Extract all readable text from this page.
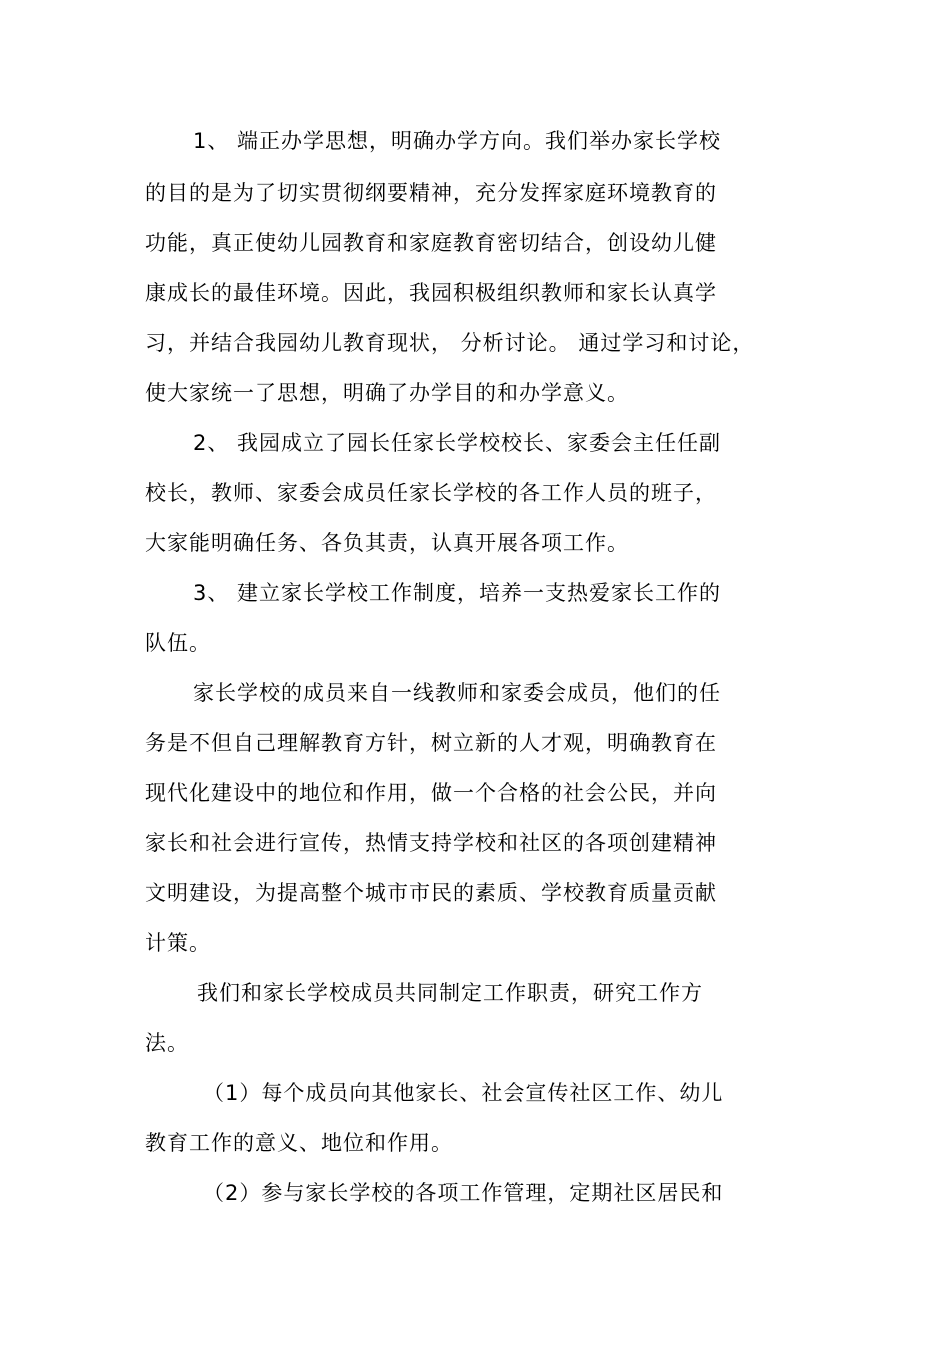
1、 端正办学思想，明确办学方向。我们举办家长学校
的目的是为了切实贯彻纲要精神，充分发挥家庭环境教育的
功能，真正使幼儿园教育和家庭教育密切结合，创设幼儿健
康成长的最佳环境。因此，我园积极组织教师和家长认真学
习，并结合我园幼儿教育现状， 分析讨论。 通过学习和讨论，
使大家统一了思想，明确了办学目的和办学意义。
2、 我园成立了园长任家长学校校长、家委会主任任副
校长，教师、家委会成员任家长学校的各工作人员的班子，
大家能明确任务、各负其责，认真开展各项工作。
3、 建立家长学校工作制度，培养一支热爱家长工作的
队伍。
家长学校的成员来自一线教师和家委会成员，他们的任
务是不但自己理解教育方针，树立新的人才观，明确教育在
现代化建设中的地位和作用，做一个合格的社会公民，并向
家长和社会进行宣传，热情支持学校和社区的各项创建精神
文明建设，为提高整个城市市民的素质、学校教育质量贡献
计策。
我们和家长学校成员共同制定工作职责，研究工作方
法。
（1）每个成员向其他家长、社会宣传社区工作、幼儿
教育工作的意义、地位和作用。
（2）参与家长学校的各项工作管理，定期社区居民和
